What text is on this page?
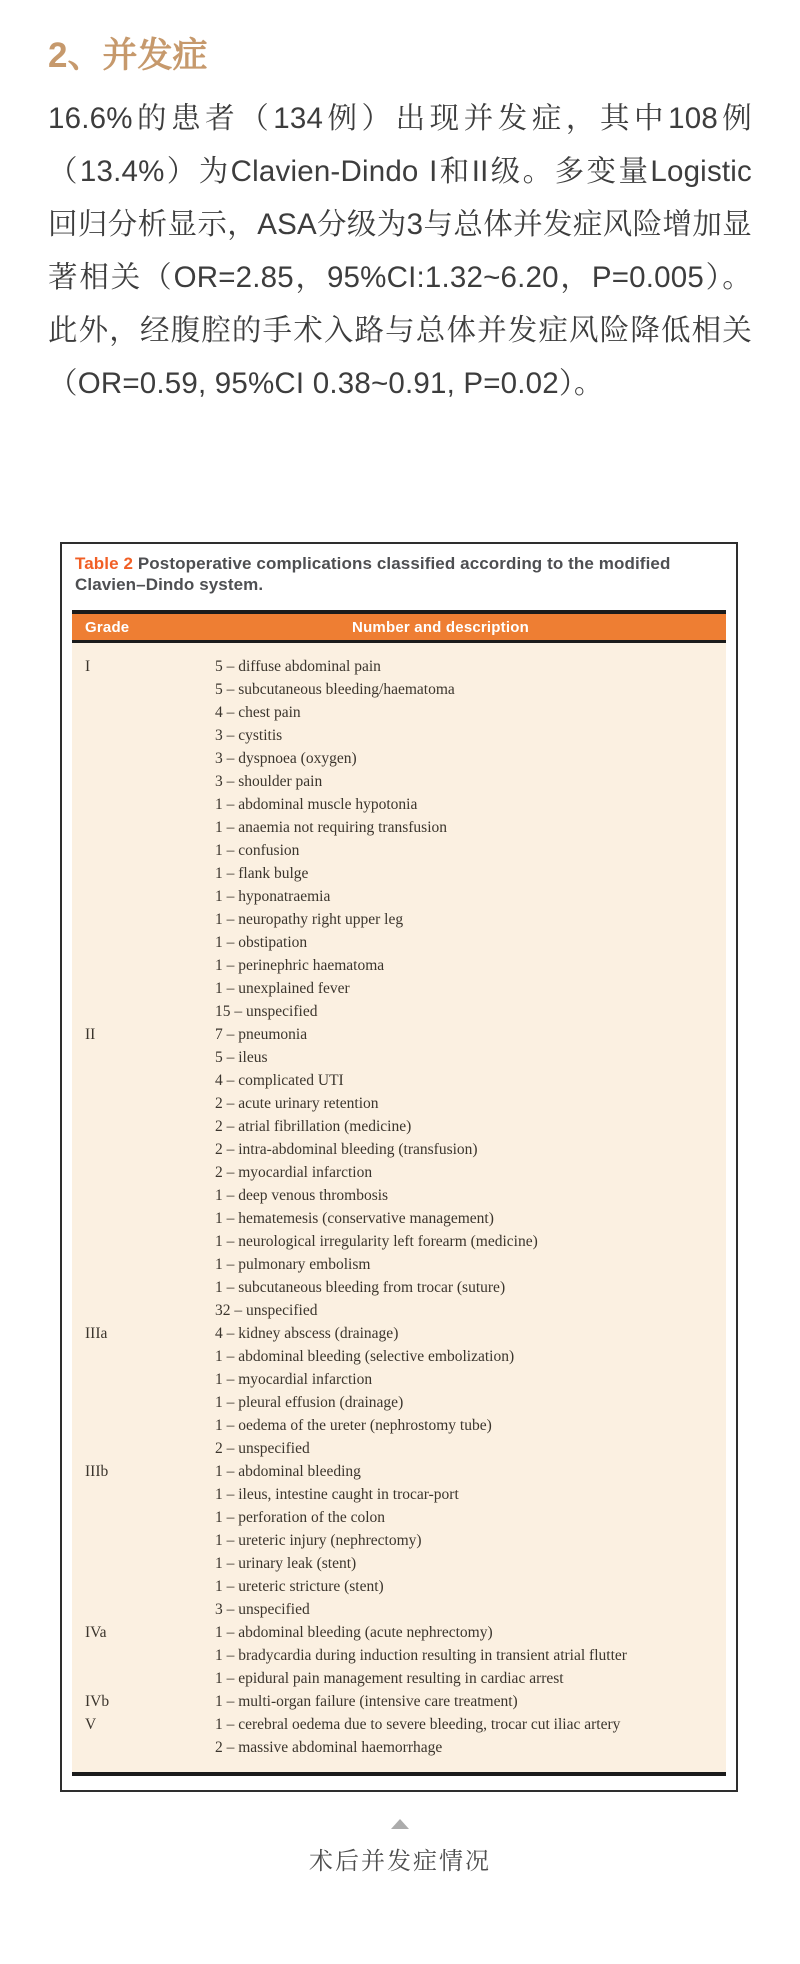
2、并发症

16.6%的患者（134例）出现并发症，其中108例（13.4%）为Clavien-Dindo I和II级。多变量Logistic回归分析显示，ASA分级为3与总体并发症风险增加显著相关（OR=2.85，95%CI:1.32~6.20，P=0.005）。此外，经腹腔的手术入路与总体并发症风险降低相关（OR=0.59, 95%CI 0.38~0.91, P=0.02）。

Table 2 Postoperative complications classified according to the modified Clavien–Dindo system.
Grade	Number and description
I	5 – diffuse abdominal pain
5 – subcutaneous bleeding/haematoma
4 – chest pain
3 – cystitis
3 – dyspnoea (oxygen)
3 – shoulder pain
1 – abdominal muscle hypotonia
1 – anaemia not requiring transfusion
1 – confusion
1 – flank bulge
1 – hyponatraemia
1 – neuropathy right upper leg
1 – obstipation
1 – perinephric haematoma
1 – unexplained fever
15 – unspecified
II	7 – pneumonia
5 – ileus
4 – complicated UTI
2 – acute urinary retention
2 – atrial fibrillation (medicine)
2 – intra-abdominal bleeding (transfusion)
2 – myocardial infarction
1 – deep venous thrombosis
1 – hematemesis (conservative management)
1 – neurological irregularity left forearm (medicine)
1 – pulmonary embolism
1 – subcutaneous bleeding from trocar (suture)
32 – unspecified
IIIa	4 – kidney abscess (drainage)
1 – abdominal bleeding (selective embolization)
1 – myocardial infarction
1 – pleural effusion (drainage)
1 – oedema of the ureter (nephrostomy tube)
2 – unspecified
IIIb	1 – abdominal bleeding
1 – ileus, intestine caught in trocar-port
1 – perforation of the colon
1 – ureteric injury (nephrectomy)
1 – urinary leak (stent)
1 – ureteric stricture (stent)
3 – unspecified
IVa	1 – abdominal bleeding (acute nephrectomy)
1 – bradycardia during induction resulting in transient atrial flutter
1 – epidural pain management resulting in cardiac arrest
IVb	1 – multi-organ failure (intensive care treatment)
V	1 – cerebral oedema due to severe bleeding, trocar cut iliac artery
2 – massive abdominal haemorrhage
术后并发症情况
